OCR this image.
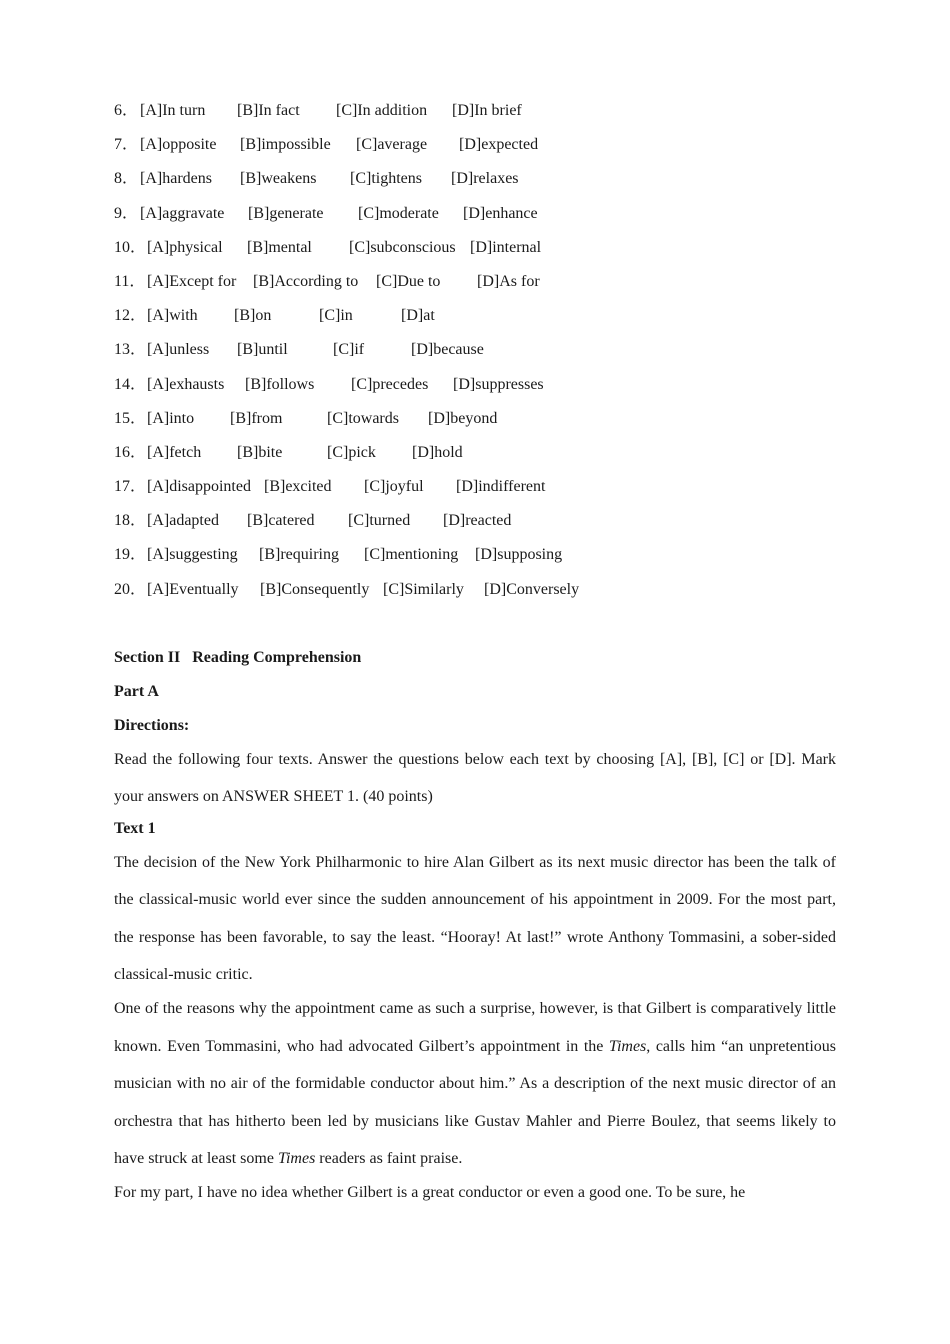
6． [A]In turn [B]In fact [C]In addition [D]In brief
7． [A]opposite [B]impossible [C]average [D]expected
8． [A]hardens [B]weakens [C]tightens [D]relaxes
9． [A]aggravate [B]generate [C]moderate [D]enhance
10． [A]physical [B]mental [C]subconscious [D]internal
11． [A]Except for [B]According to [C]Due to [D]As for
12． [A]with [B]on	[C]in	[D]at
13． [A]unless [B]until	[C]if	[D]because
14． [A]exhausts [B]follows [C]precedes [D]suppresses
15． [A]into [B]from	[C]towards [D]beyond
16． [A]fetch [B]bite	[C]pick [D]hold
17． [A]disappointed [B]excited [C]joyful [D]indifferent
18． [A]adapted [B]catered [C]turned [D]reacted
19． [A]suggesting [B]requiring [C]mentioning [D]supposing
20． [A]Eventually [B]Consequently [C]Similarly [D]Conversely
Section II   Reading Comprehension
Part A
Directions:

Read the following four texts. Answer the questions below each text by choosing [A], [B], [C] or [D]. Mark your answers on ANSWER SHEET 1. (40 points)

Text 1

The decision of the New York Philharmonic to hire Alan Gilbert as its next music director has been the talk of the classical-music world ever since the sudden announcement of his appointment in 2009. For the most part, the response has been favorable, to say the least. “Hooray! At last!” wrote Anthony Tommasini, a sober-sided classical-music critic.

One of the reasons why the appointment came as such a surprise, however, is that Gilbert is comparatively little known. Even Tommasini, who had advocated Gilbert’s appointment in the Times, calls him “an unpretentious musician with no air of the formidable conductor about him.” As a description of the next music director of an orchestra that has hitherto been led by musicians like Gustav Mahler and Pierre Boulez, that seems likely to have struck at least some Times readers as faint praise.

For my part, I have no idea whether Gilbert is a great conductor or even a good one. To be sure, he
